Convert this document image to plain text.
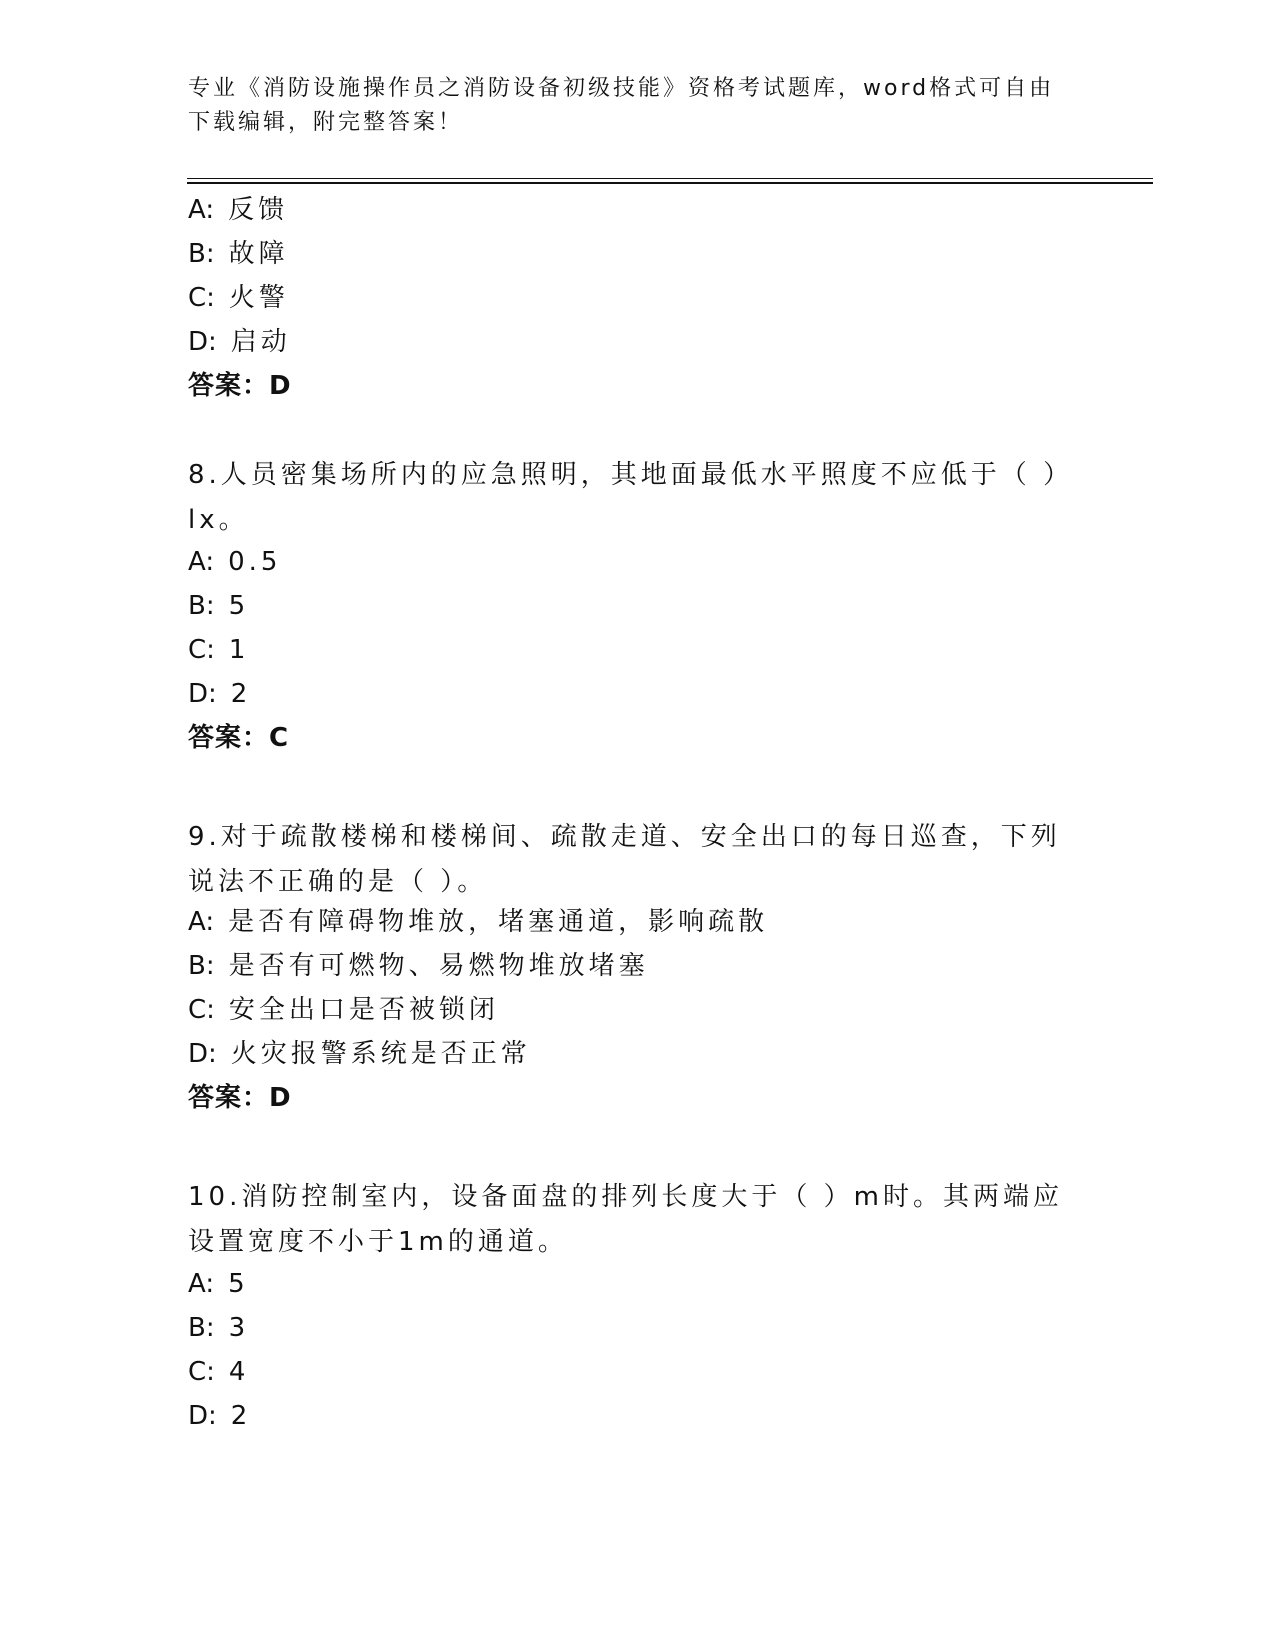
专业《消防设施操作员之消防设备初级技能》资格考试题库，word格式可自由下载编辑，附完整答案！
A: 反馈
B: 故障
C: 火警
D: 启动
答案：D
8.人员密集场所内的应急照明，其地面最低水平照度不应低于（ ）lx。
A: 0.5
B: 5
C: 1
D: 2
答案：C
9.对于疏散楼梯和楼梯间、疏散走道、安全出口的每日巡查，下列说法不正确的是（ ）。
A: 是否有障碍物堆放，堵塞通道，影响疏散
B: 是否有可燃物、易燃物堆放堵塞
C: 安全出口是否被锁闭
D: 火灾报警系统是否正常
答案：D
10.消防控制室内，设备面盘的排列长度大于（ ）m时。其两端应设置宽度不小于1m的通道。
A: 5
B: 3
C: 4
D: 2
